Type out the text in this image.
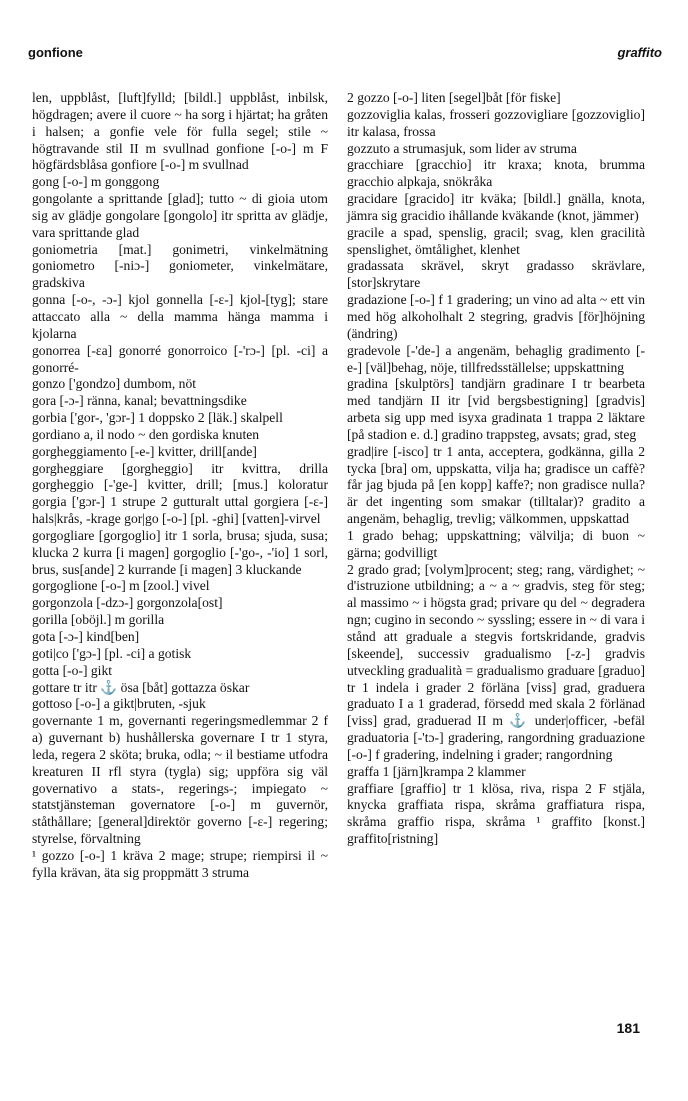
gonfione	graffito

len, uppblåst, [luft]fylld; [bildl.] uppblåst, inbilsk, högdragen; avere il cuore ~ ha sorg i hjärtat; ha gråten i halsen; a gonfie vele för fulla segel; stile ~ högtravande stil II m svullnad gonfione [-o-] m F högfärdsblåsa gonfiore [-o-] m svullnad

gong [-o-] m gonggong

gongolante a sprittande [glad]; tutto ~ di gioia utom sig av glädje gongolare [gongolo] itr spritta av glädje, vara sprittande glad

goniometria [mat.] gonimetri, vinkelmätning goniometro [-niɔ-] goniometer, vinkelmätare, gradskiva

gonna [-o-, -ɔ-] kjol gonnella [-ɛ-] kjol-[tyg]; stare attaccato alla ~ della mamma hänga mamma i kjolarna

gonorrea [-ɛa] gonorré gonorroico [-'rɔ-] [pl. -ci] a gonorré-

gonzo ['gondzo] dumbom, nöt

gora [-ɔ-] ränna, kanal; bevattningsdike

gorbia ['gor-, 'gɔr-] 1 doppsko 2 [läk.] skalpell

gordiano a, il nodo ~ den gordiska knuten

gorgheggiamento [-e-] kvitter, drill[ande]

gorgheggiare [gorgheggio] itr kvittra, drilla gorgheggio [-'ge-] kvitter, drill; [mus.] koloratur gorgia ['gɔr-] 1 strupe 2 gutturalt uttal gorgiera [-ɛ-] hals|krås, -krage gor|go [-o-] [pl. -ghi] [vatten]-virvel

gorgogliare [gorgoglio] itr 1 sorla, brusa; sjuda, susa; klucka 2 kurra [i magen] gorgoglio [-'go-, -'io] 1 sorl, brus, sus[ande] 2 kurrande [i magen] 3 kluckande

gorgoglione [-o-] m [zool.] vivel

gorgonzola [-dzɔ-] gorgonzola[ost]

gorilla [oböjl.] m gorilla

gota [-ɔ-] kind[ben]

goti|co ['gɔ-] [pl. -ci] a gotisk

gotta [-o-] gikt

gottare tr itr ⚓ ösa [båt] gottazza öskar

gottoso [-o-] a gikt|bruten, -sjuk

governante 1 m, governanti regeringsmedlemmar 2 f a) guvernant b) hushållerska governare I tr 1 styra, leda, regera 2 sköta; bruka, odla; ~ il bestiame utfodra kreaturen II rfl styra (tygla) sig; uppföra sig väl governativo a stats-, regerings-; impiegato ~ statstjänsteman governatore [-o-] m guvernör, ståthållare; [general]direktör governo [-ɛ-] regering; styrelse, förvaltning

¹ gozzo [-o-] 1 kräva 2 mage; strupe; riempirsi il ~ fylla krävan, äta sig proppmätt 3 struma

2 gozzo [-o-] liten [segel]båt [för fiske]

gozzoviglia kalas, frosseri gozzovigliare [gozzoviglio] itr kalasa, frossa

gozzuto a strumasjuk, som lider av struma

gracchiare [gracchio] itr kraxa; knota, brumma gracchio alpkaja, snökråka

gracidare [gracido] itr kväka; [bildl.] gnälla, knota, jämra sig gracidio ihållande kväkande (knot, jämmer)

gracile a spad, spenslig, gracil; svag, klen gracilità spenslighet, ömtålighet, klenhet

gradassata skrävel, skryt gradasso skrävlare, [stor]skrytare

gradazione [-o-] f 1 gradering; un vino ad alta ~ ett vin med hög alkoholhalt 2 stegring, gradvis [för]höjning (ändring)

gradevole [-'de-] a angenäm, behaglig gradimento [-e-] [väl]behag, nöje, tillfredsställelse; uppskattning

gradina [skulptörs] tandjärn gradinare I tr bearbeta med tandjärn II itr [vid bergsbestigning] [gradvis] arbeta sig upp med isyxa gradinata 1 trappa 2 läktare [på stadion e. d.] gradino trappsteg, avsats; grad, steg

grad|ire [-isco] tr 1 anta, acceptera, godkänna, gilla 2 tycka [bra] om, uppskatta, vilja ha; gradisce un caffè? får jag bjuda på [en kopp] kaffe?; non gradisce nulla? är det ingenting som smakar (tilltalar)? gradito a angenäm, behaglig, trevlig; välkommen, uppskattad

1 grado behag; uppskattning; välvilja; di buon ~ gärna; godvilligt

2 grado grad; [volym]procent; steg; rang, värdighet; ~ d'istruzione utbildning; a ~ a ~ gradvis, steg för steg; al massimo ~ i högsta grad; privare qu del ~ degradera ngn; cugino in secondo ~ syssling; essere in ~ di vara i stånd att graduale a stegvis fortskridande, gradvis [skeende], successiv gradualismo [-z-] gradvis utveckling gradualità = gradualismo graduare [graduo] tr 1 indela i grader 2 förläna [viss] grad, graduera graduato I a 1 graderad, försedd med skala 2 förlänad [viss] grad, graduerad II m ⚓ under|officer, -befäl graduatoria [-'tɔ-] gradering, rangordning graduazione [-o-] f gradering, indelning i grader; rangordning

graffa 1 [järn]krampa 2 klammer

graffiare [graffio] tr 1 klösa, riva, rispa 2 F stjäla, knycka graffiata rispa, skråma graffiatura rispa, skråma graffio rispa, skråma ¹ graffito [konst.] graffito[ristning]

181
